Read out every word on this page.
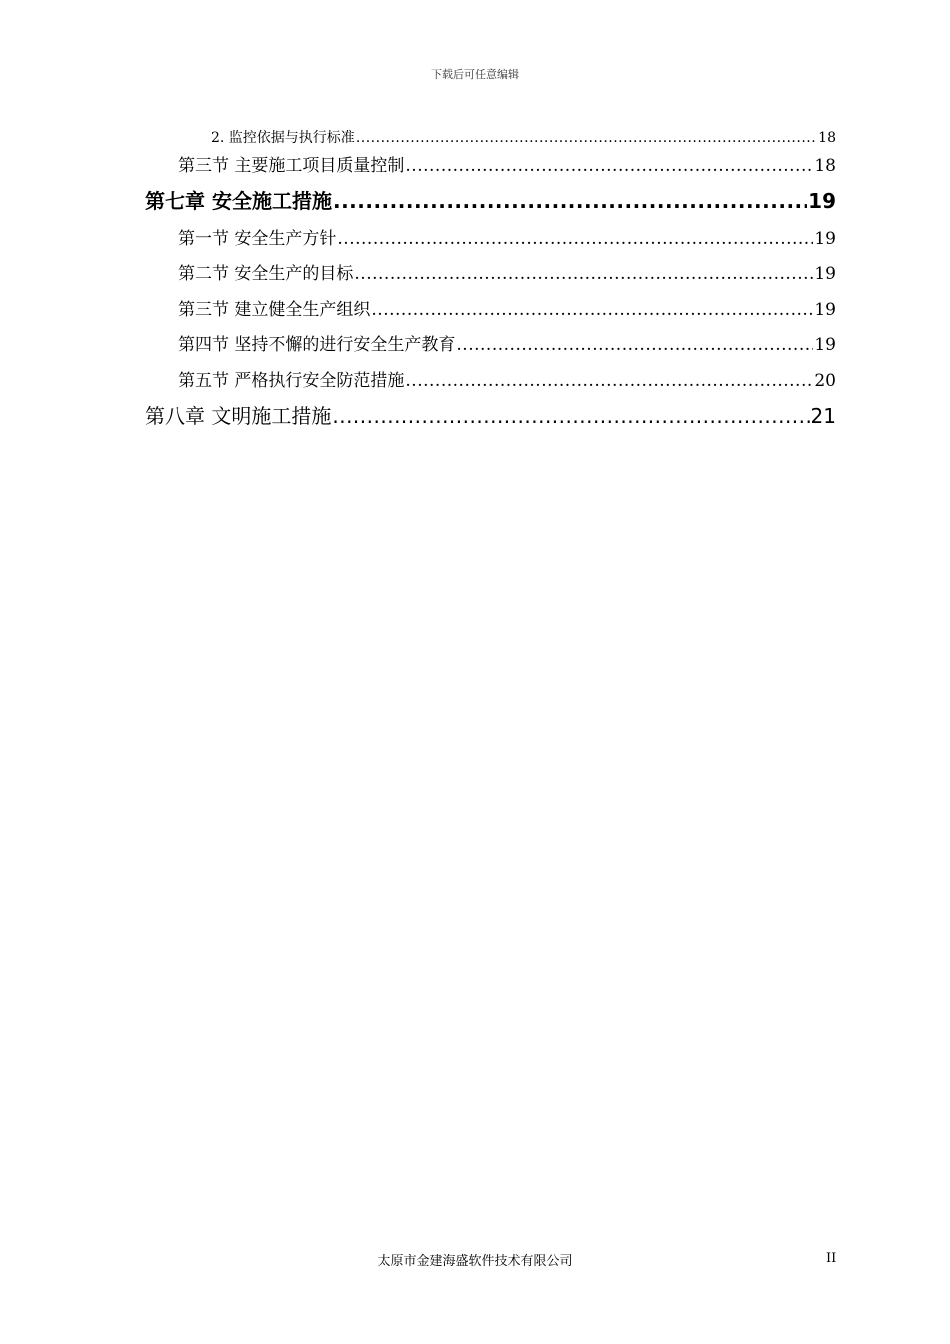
下载后可任意编辑
2. 监控依据与执行标准 .....	18
第三节 主要施工项目质量控制 .....	18
第七章 安全施工措施 .....	19
第一节 安全生产方针 .....	19
第二节 安全生产的目标 .....	19
第三节 建立健全生产组织 .....	19
第四节 坚持不懈的进行安全生产教育 .....	19
第五节 严格执行安全防范措施 .....	20
第八章 文明施工措施 .....	21
太原市金建海盛软件技术有限公司	II
